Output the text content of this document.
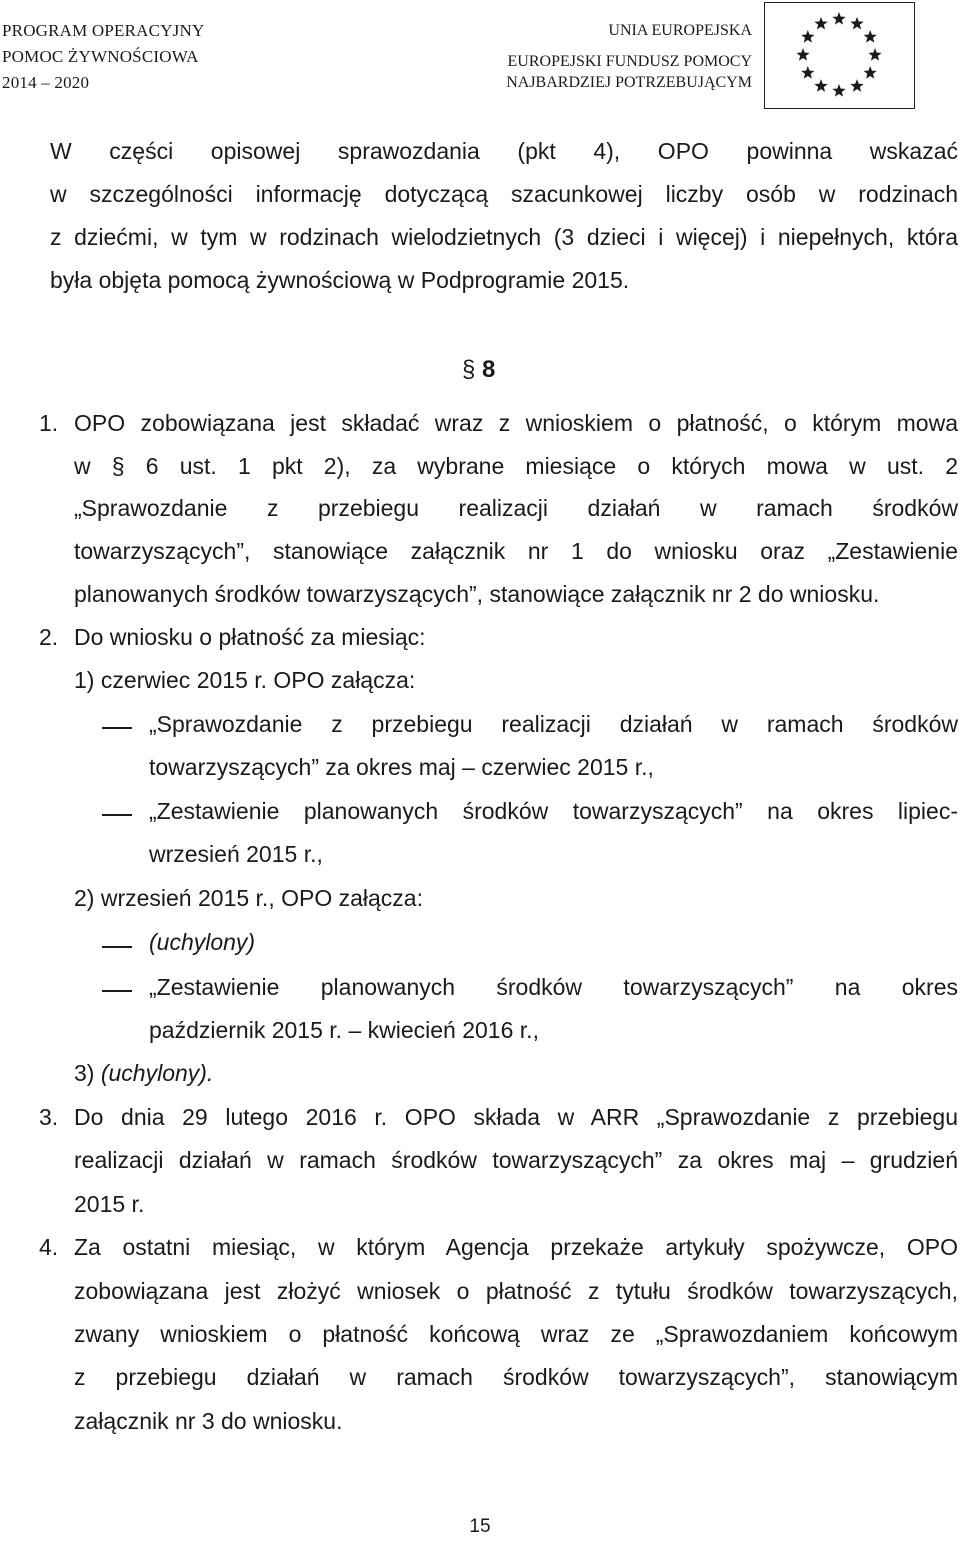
PROGRAM OPERACYJNY
POMOC ŻYWNOŚCIOWA
2014 – 2020
UNIA EUROPEJSKA
EUROPEJSKI FUNDUSZ POMOCY
NAJBARDZIEJ POTRZEBUJĄCYM
W części opisowej sprawozdania (pkt 4), OPO powinna wskazać
w szczególności informację dotyczącą szacunkowej liczby osób w rodzinach
z dziećmi, w tym w rodzinach wielodzietnych (3 dzieci i więcej) i niepełnych, która
była objęta pomocą żywnościową w Podprogramie 2015.
§ 8
1. OPO zobowiązana jest składać wraz z wnioskiem o płatność, o którym mowa
w § 6 ust. 1 pkt 2), za wybrane miesiące o których mowa w ust. 2
„Sprawozdanie z przebiegu realizacji działań w ramach środków
towarzyszących”, stanowiące załącznik nr 1 do wniosku oraz „Zestawienie
planowanych środków towarzyszących”, stanowiące załącznik nr 2 do wniosku.
2. Do wniosku o płatność za miesiąc:
1) czerwiec 2015 r. OPO załącza:
„Sprawozdanie z przebiegu realizacji działań w ramach środków
towarzyszących” za okres maj – czerwiec 2015 r.,
„Zestawienie planowanych środków towarzyszących” na okres lipiec-
wrzesień 2015 r.,
2) wrzesień 2015 r., OPO załącza:
(uchylony)
„Zestawienie planowanych środków towarzyszących” na okres
październik 2015 r. – kwiecień 2016 r.,
3) (uchylony).
3. Do dnia 29 lutego 2016 r. OPO składa w ARR „Sprawozdanie z przebiegu
realizacji działań w ramach środków towarzyszących” za okres maj – grudzień
2015 r.
4. Za ostatni miesiąc, w którym Agencja przekaże artykuły spożywcze, OPO
zobowiązana jest złożyć wniosek o płatność z tytułu środków towarzyszących,
zwany wnioskiem o płatność końcową wraz ze „Sprawozdaniem końcowym
z przebiegu działań w ramach środków towarzyszących”, stanowiącym
załącznik nr 3 do wniosku.
15
